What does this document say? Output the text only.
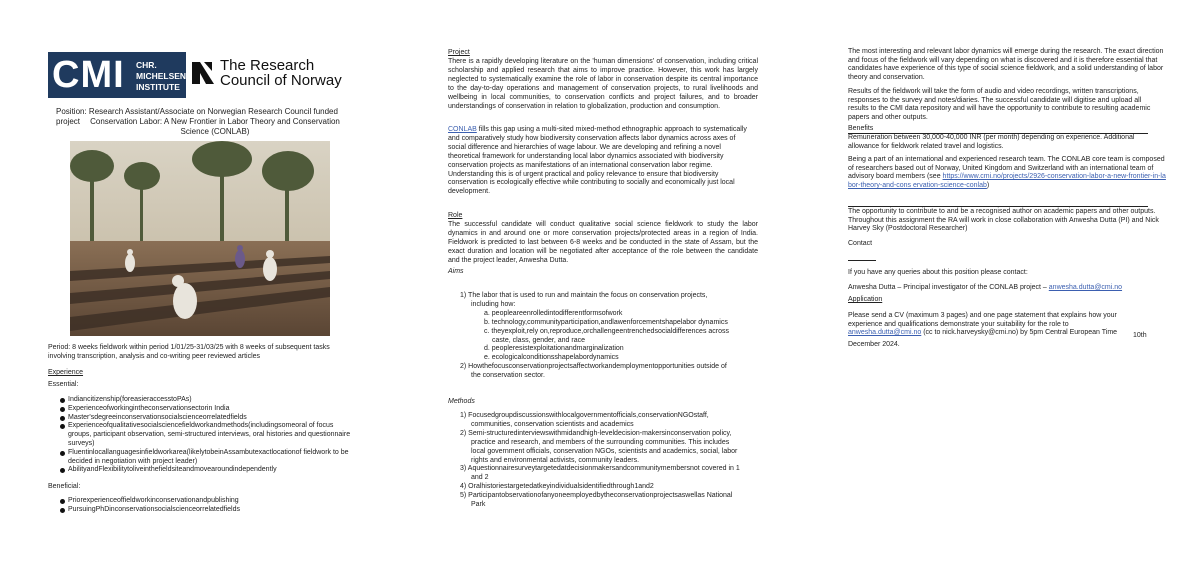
CMI CHR.
MICHELSEN
INSTITUTE
The Research
Council of Norway
Position: Research Assistant/Associate on Norwegian Research Council funded
project	Conservation Labor: A New Frontier in Labor Theory and Conservation
Science (CONLAB)
Period: 8 weeks fieldwork within period 1/01/25-31/03/25 with 8 weeks of subsequent tasks involving transcription, analysis and co-writing peer reviewed articles
Experience
Essential:
Indiancitizenship(foreasieraccesstoPAs)
Experienceofworkingintheconservationsectorin India
Master'sdegreeinconservationsocialscienceorrelatedfields
Experienceofqualitativesocialsciencefieldworkandmethods(includingsomeoral of focus groups, participant observation, semi-structured interviews, oral histories and questionnaire surveys)
Fluentinlocallanguagesinfieldworkarea(likelytobeinAssambutexactlocationof fieldwork to be decided in negotiation with project leader)
AbilityandFlexibilitytoliveinthefieldsiteandmovearoundindependently
Beneficial:
Priorexperienceoffieldworkinconservationandpublishing
PursuingPhDinconservationsocialscienceorrelatedfields
Project
There is a rapidly developing literature on the 'human dimensions' of conservation, including critical scholarship and applied research that aims to improve practice. However, this work has largely neglected to systematically examine the role of labor in conservation despite its central importance to the day-to-day operations and management of conservation projects, to rural livelihoods and wellbeing in local communities, to conservation conflicts and project failures, and to broader understandings of conservation in relation to globalization, production and consumption.
CONLAB fills this gap using a multi-sited mixed-method ethnographic approach to systematically and comparatively study how biodiversity conservation affects labor dynamics across axes of social difference and hierarchies of wage labour. We are developing and refining a novel theoretical framework for understanding local labor dynamics associated with biodiversity conservation projects as manifestations of an international conservation labor regime. Understanding this is of urgent practical and policy relevance to ensure that biodiversity conservation is ecologically effective while contributing to socially and economically just local development.
Role
The successful candidate will conduct qualitative social science fieldwork to study the labor dynamics in and around one or more conservation projects/protected areas in a region of India. Fieldwork is predicted to last between 6-8 weeks and be conducted in the state of Assam, but the exact duration and location will be negotiated after acceptance of the role between the candidate and the project leader, Anwesha Dutta.
Aims
1) The labor that is used to run and maintain the focus on conservation projects, including how:
a. peopleareenrolledintodifferentformsofwork
b. technology,communityparticipation,andlawenforcementshapelabor dynamics
c. theyexploit,rely on,reproduce,orchallengeentrenchedsocialdifferences across caste, class, gender, and race
d. peopleresistexploitationandmarginalization
e. ecologicalconditionsshapelabordynamics
2) Howthefocusconservationprojectsaffectworkandemploymentopportunities outside of the conservation sector.
Methods
1) Focusedgroupdiscussionswithlocalgovernmentofficials,conservationNGOstaff, communities, conservation scientists and academics
2) Semi-structuredinterviewswithmidandhigh-leveldecision-makersinconservation policy, practice and research, and members of the surrounding communities. This includes local government officials, conservation NGOs, scientists and academics, social, labor rights and environmental activists, community leaders.
3) Aquestionnairesurveytargetedatdecisionmakersandcommunitymembersnot covered in 1 and 2
4) Oralhistoriestargetedatkeyindividualsidentifiedthrough1and2
5) Participantobservationofanyoneemployedbytheconservationprojectsaswellas National Park
The most interesting and relevant labor dynamics will emerge during the research. The exact direction and focus of the fieldwork will vary depending on what is discovered and it is therefore essential that candidates have experience of this type of social science fieldwork, and a solid understanding of labor theory and conservation.
Results of the fieldwork will take the form of audio and video recordings, written transcriptions, responses to the survey and notes/diaries. The successful candidate will digitise and upload all results to the CMI data repository and will have the opportunity to contribute to resulting academic papers and other outputs.
Benefits
Remuneration between 30,000-40,000 INR (per month) depending on experience. Additional allowance for fieldwork related travel and logistics.
Being a part of an international and experienced research team. The CONLAB core team is composed of researchers based out of Norway, United Kingdom and Switzerland with an international team of advisory board members (see https://www.cmi.no/projects/2926-conservation-labor-a-new-frontier-in-labor-theory-and-cons ervation-science-conlab)
The opportunity to contribute to and be a recognised author on academic papers and other outputs. Throughout this assignment the RA will work in close collaboration with Anwesha Dutta (PI) and Nick Harvey Sky (Postdoctoral Researcher)
Contact
If you have any queries about this position please contact:
Anwesha Dutta – Principal investigator of the CONLAB project – anwesha.dutta@cmi.no
Application
Please send a CV (maximum 3 pages) and one page statement that explains how your experience and qualifications demonstrate your suitability for the role to anwesha.dutta@cmi.no (cc to nick.harveysky@cmi.no) by 5pm Central European Time	10th
December 2024.
